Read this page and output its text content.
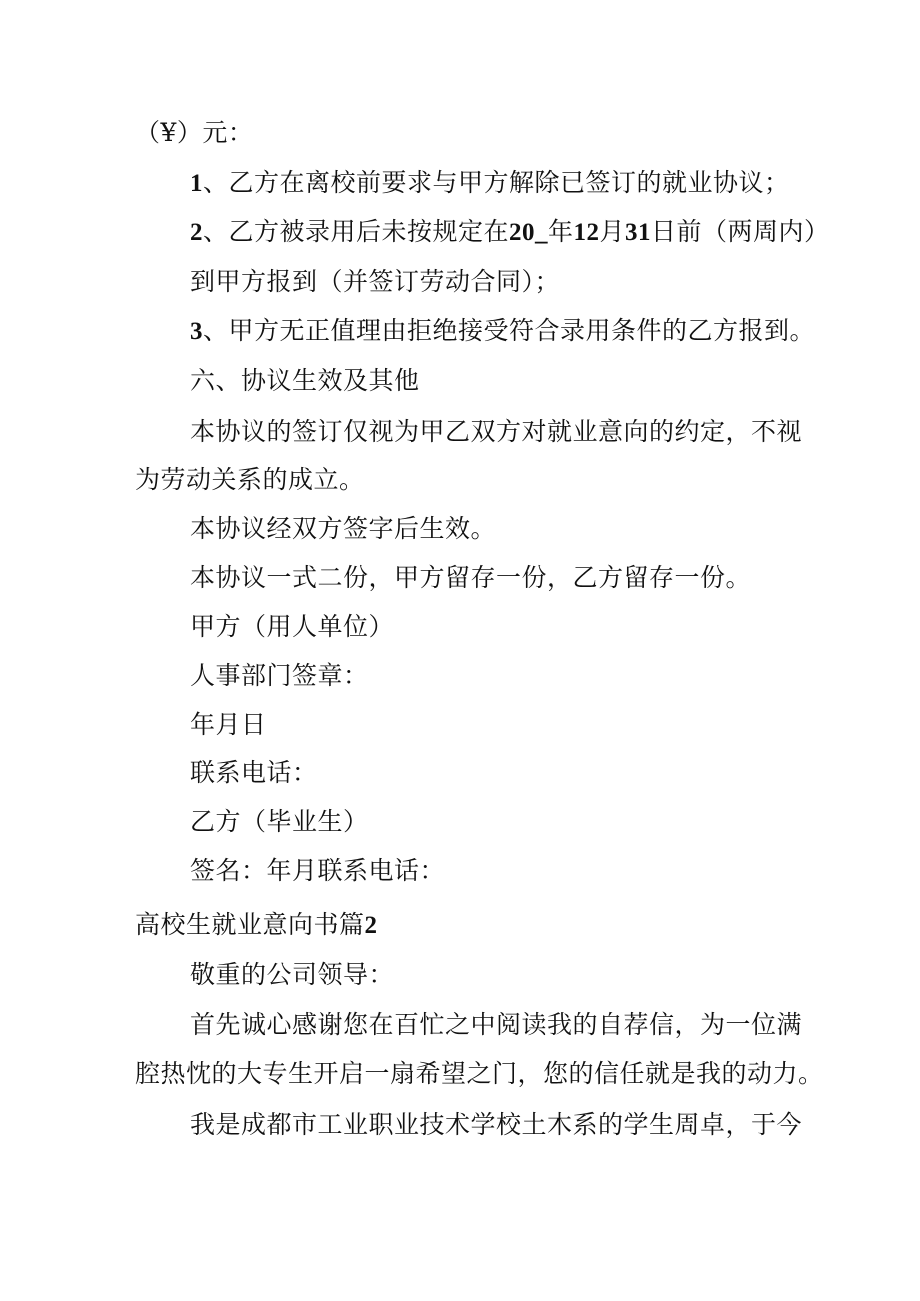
（¥）元：
1、乙方在离校前要求与甲方解除已签订的就业协议；
2、乙方被录用后未按规定在20_年12月31日前（两周内）
到甲方报到（并签订劳动合同）；
3、甲方无正值理由拒绝接受符合录用条件的乙方报到。
六、协议生效及其他
本协议的签订仅视为甲乙双方对就业意向的约定，不视
为劳动关系的成立。
本协议经双方签字后生效。
本协议一式二份，甲方留存一份，乙方留存一份。
甲方（用人单位）
人事部门签章：
年月日
联系电话：
乙方（毕业生）
签名：年月联系电话：
高校生就业意向书篇2
敬重的公司领导：
首先诚心感谢您在百忙之中阅读我的自荐信，为一位满
腔热忱的大专生开启一扇希望之门，您的信任就是我的动力。
我是成都市工业职业技术学校土木系的学生周卓，于今
